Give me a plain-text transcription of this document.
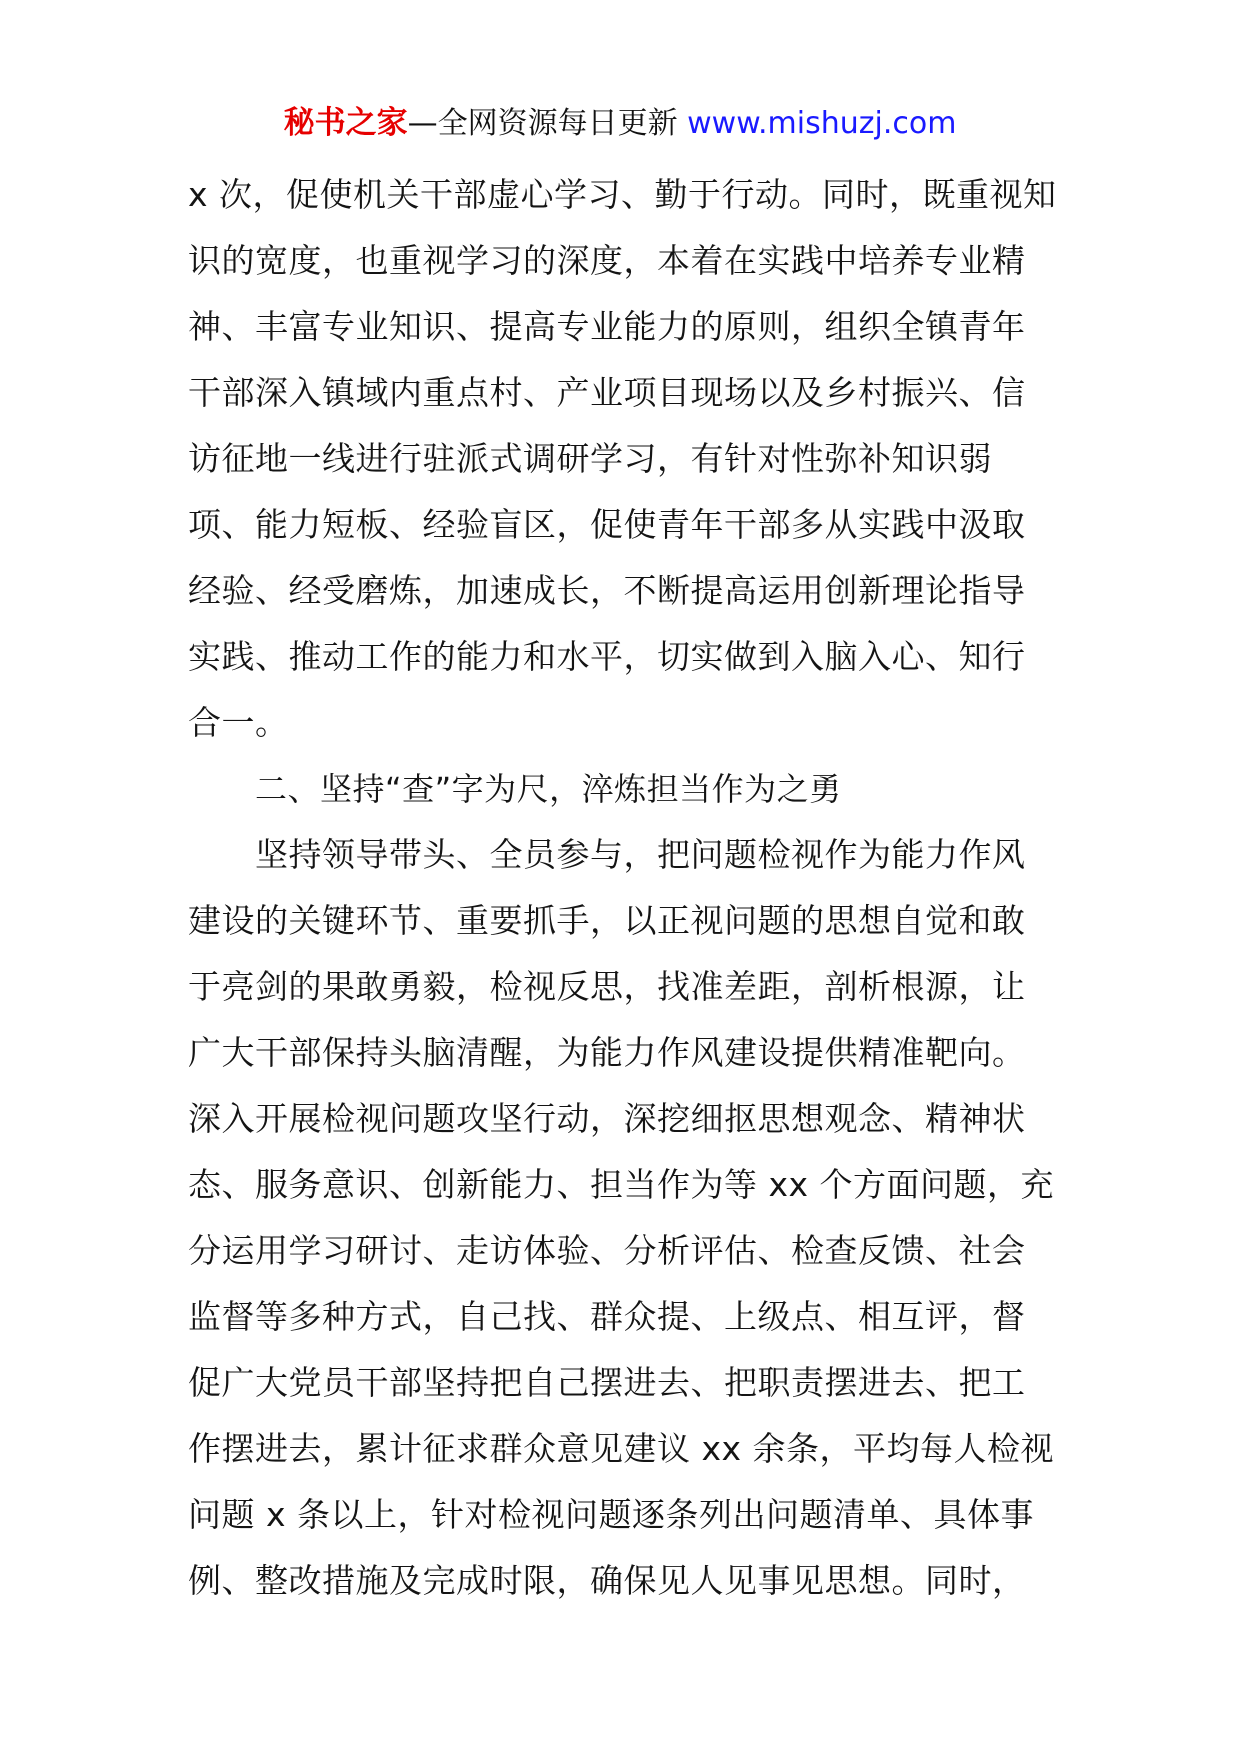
秘书之家—全网资源每日更新 www.mishuzj.com
x 次，促使机关干部虚心学习、勤于行动。同时，既重视知
识的宽度，也重视学习的深度，本着在实践中培养专业精
神、丰富专业知识、提高专业能力的原则，组织全镇青年
干部深入镇域内重点村、产业项目现场以及乡村振兴、信
访征地一线进行驻派式调研学习，有针对性弥补知识弱
项、能力短板、经验盲区，促使青年干部多从实践中汲取
经验、经受磨炼，加速成长，不断提高运用创新理论指导
实践、推动工作的能力和水平，切实做到入脑入心、知行
合一。
二、坚持“查”字为尺，淬炼担当作为之勇
坚持领导带头、全员参与，把问题检视作为能力作风
建设的关键环节、重要抓手，以正视问题的思想自觉和敢
于亮剑的果敢勇毅，检视反思，找准差距，剖析根源，让
广大干部保持头脑清醒，为能力作风建设提供精准靶向。
深入开展检视问题攻坚行动，深挖细抠思想观念、精神状
态、服务意识、创新能力、担当作为等 xx 个方面问题，充
分运用学习研讨、走访体验、分析评估、检查反馈、社会
监督等多种方式，自己找、群众提、上级点、相互评，督
促广大党员干部坚持把自己摆进去、把职责摆进去、把工
作摆进去，累计征求群众意见建议 xx 余条，平均每人检视
问题 x 条以上，针对检视问题逐条列出问题清单、具体事
例、整改措施及完成时限，确保见人见事见思想。同时，
